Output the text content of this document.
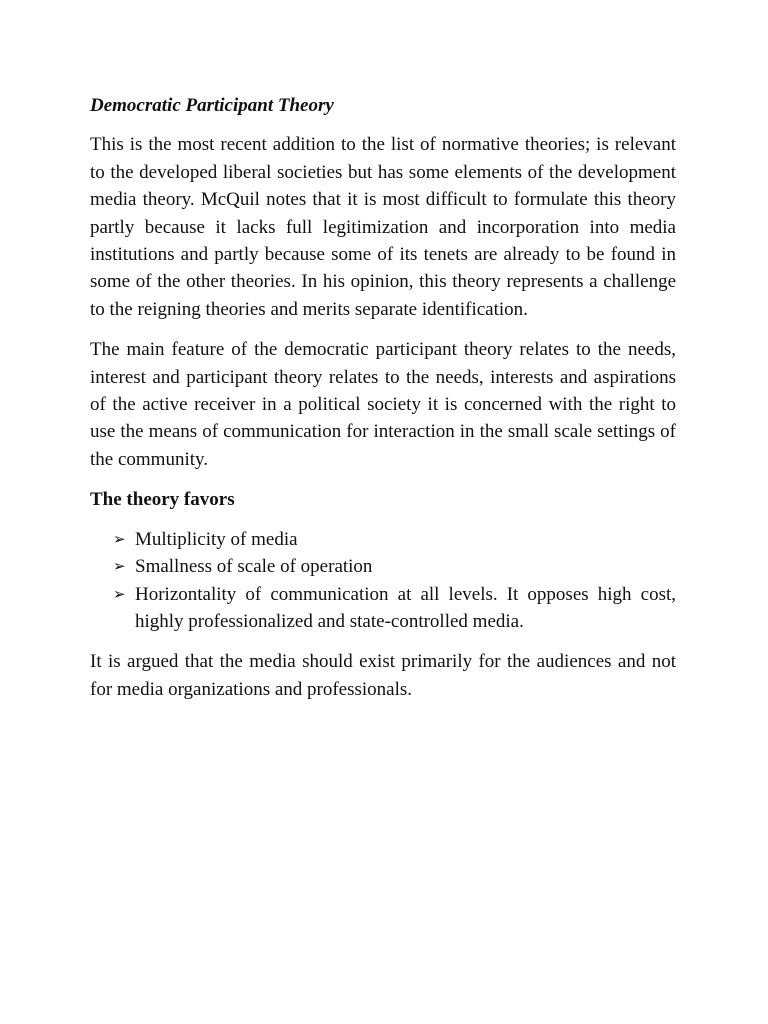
Democratic Participant Theory

This is the most recent addition to the list of normative theories; is relevant to the developed liberal societies but has some elements of the development media theory. McQuil notes that it is most difficult to formulate this theory partly because it lacks full legitimization and incorporation into media institutions and partly because some of its tenets are already to be found in some of the other theories. In his opinion, this theory represents a challenge to the reigning theories and merits separate identification.

The main feature of the democratic participant theory relates to the needs, interest and participant theory relates to the needs, interests and aspirations of the active receiver in a political society it is concerned with the right to use the means of communication for interaction in the small scale settings of the community.

The theory favors
➢ Multiplicity of media
➢ Smallness of scale of operation
➢ Horizontality of communication at all levels. It opposes high cost, highly professionalized and state-controlled media.

It is argued that the media should exist primarily for the audiences and not for media organizations and professionals.
